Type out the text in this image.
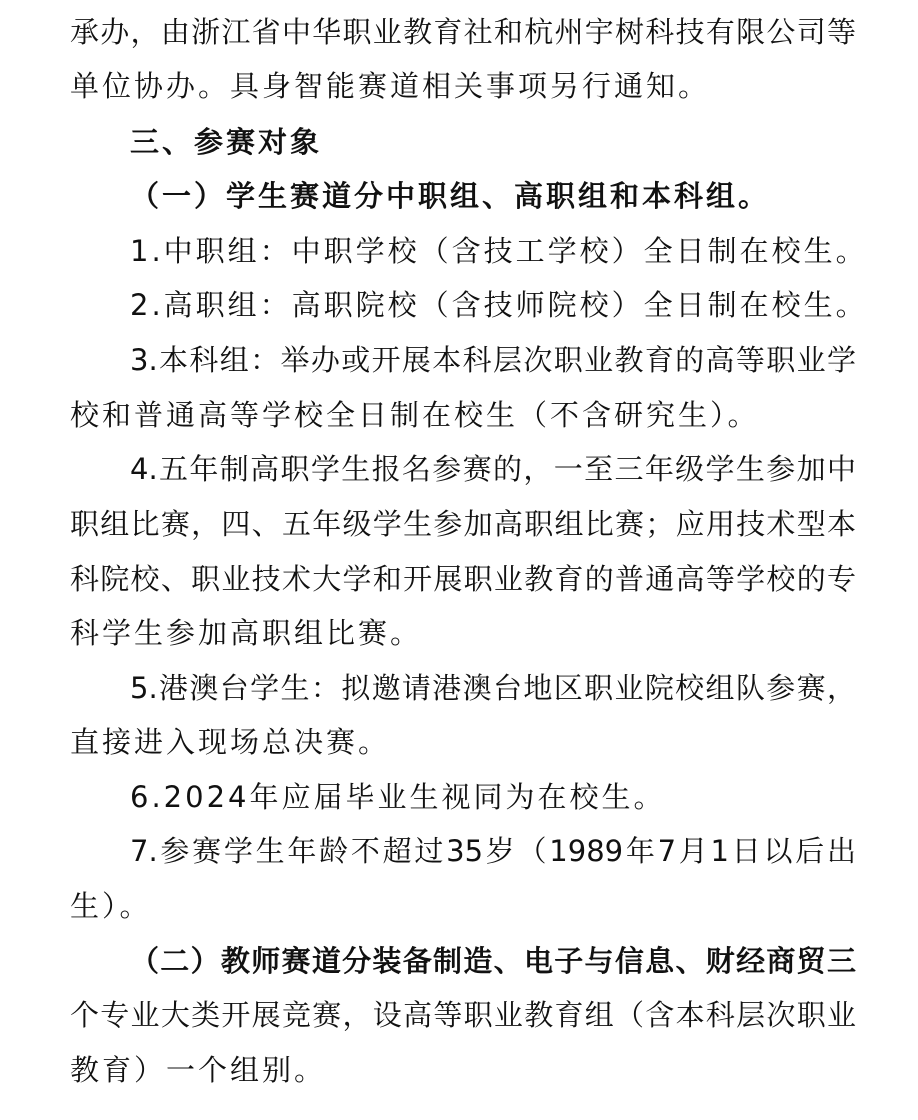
承办，由浙江省中华职业教育社和杭州宇树科技有限公司等
单位协办。具身智能赛道相关事项另行通知。
三、参赛对象
（一）学生赛道分中职组、高职组和本科组。
1.中职组：中职学校（含技工学校）全日制在校生。
2.高职组：高职院校（含技师院校）全日制在校生。
3.本科组：举办或开展本科层次职业教育的高等职业学
校和普通高等学校全日制在校生（不含研究生）。
4.五年制高职学生报名参赛的，一至三年级学生参加中
职组比赛，四、五年级学生参加高职组比赛；应用技术型本
科院校、职业技术大学和开展职业教育的普通高等学校的专
科学生参加高职组比赛。
5.港澳台学生：拟邀请港澳台地区职业院校组队参赛，
直接进入现场总决赛。
6.2024年应届毕业生视同为在校生。
7.参赛学生年龄不超过35岁（1989年7月1日以后出
生）。
（二）教师赛道分装备制造、电子与信息、财经商贸三
个专业大类开展竞赛，设高等职业教育组（含本科层次职业
教育）一个组别。
